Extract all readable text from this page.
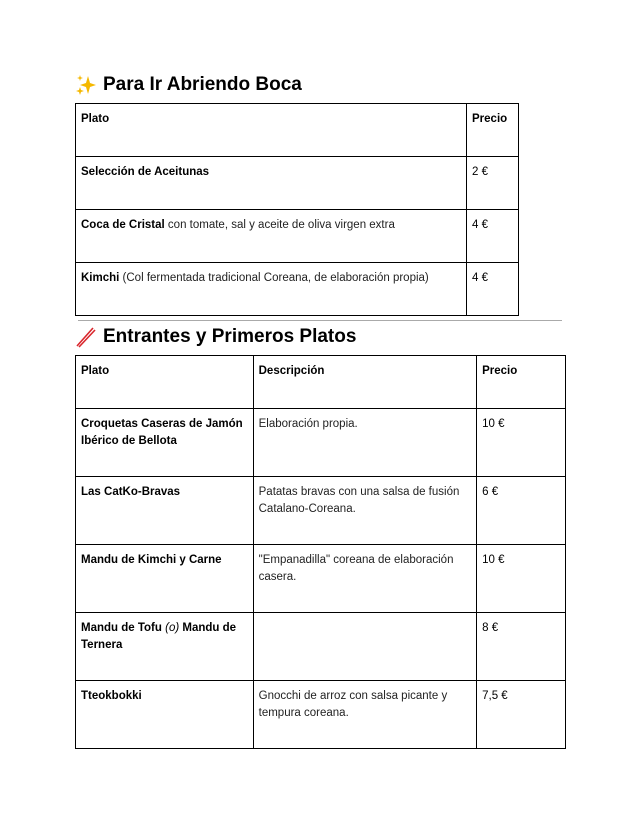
Para Ir Abriendo Boca
Plato	Precio
Selección de Aceitunas	2 €
Coca de Cristal con tomate, sal y aceite de oliva virgen extra	4 €
Kimchi (Col fermentada tradicional Coreana, de elaboración propia)	4 €
Entrantes y Primeros Platos
Plato	Descripción	Precio
Croquetas Caseras de Jamón Ibérico de Bellota	Elaboración propia.	10 €
Las CatKo-Bravas	Patatas bravas con una salsa de fusión Catalano-Coreana.	6 €
Mandu de Kimchi y Carne	"Empanadilla" coreana de elaboración casera.	10 €
Mandu de Tofu (o) Mandu de Ternera		8 €
Tteokbokki	Gnocchi de arroz con salsa picante y tempura coreana.	7,5 €
